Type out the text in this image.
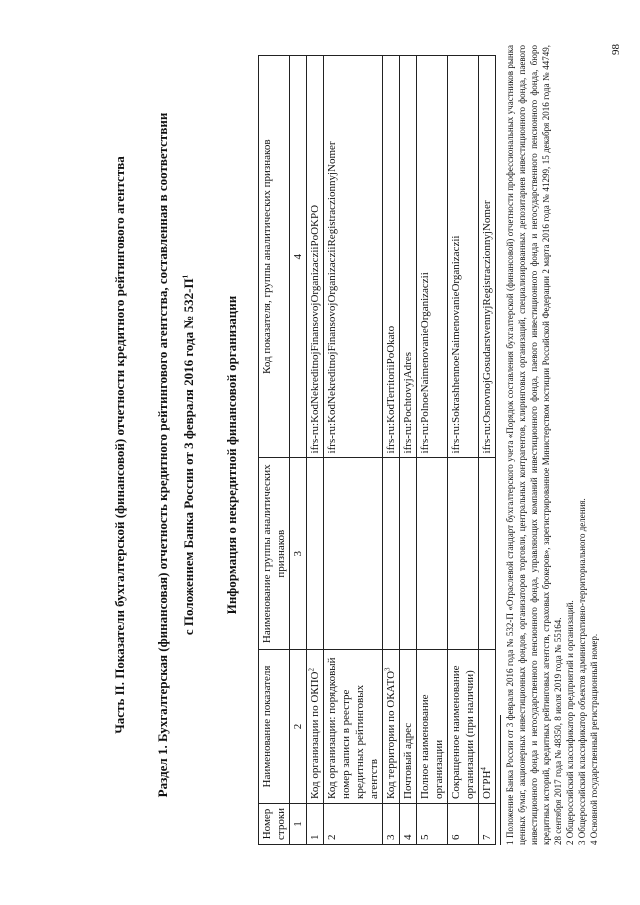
Часть II. Показатели бухгалтерской (финансовой) отчетности кредитного рейтингового агентства	Раздел 1. Бухгалтерская (финансовая) отчетность кредитного рейтингового агентства, составленная в соответствии с Положением Банка России от 3 февраля 2016 года № $532-П^1$
Информация о некредитной финансовой организации
Номер строки	Наименование показателя	Наименование группы аналитических признаков	Код показателя, группы аналитических признаков
1	2	3	4
1	Код организации по ОКПО$^2$		ifrs-ru:KodNekreditnojFinansovojOrganizacziiPoOKPO
2	Код организации: порядковый номер записи в реестре кредитных рейтинговых агентств		ifrs-ru:KodNekreditnojFinansovojOrganizacziiRegistraczionnyjNomer
3	Код территории по ОКАТО$^3$		ifrs-ru:KodTerritoriiPoOkato
4	Почтовый адрес		ifrs-ru:PochtovyjAdres
5	Полное наименование организации		ifrs-ru:PolnoeNaimenovanieOrganizaczii
6	Сокращенное наименование организации (при наличии)		ifrs-ru:SokrashhennoeNaimenovanieOrganizaczii
7	ОГРН$^4$		ifrs-ru:OsnovnojGosudarstvennyjRegistraczionnyjNomer 1 Положение Банка России от 3 февраля 2016 года № 532-П «Отраслевой стандарт бухгалтерского учета «Порядок составления бухгалтерской (финансовой) отчетности профессиональных участников рынка ценных бумаг, акционерных инвестиционных фондов, организаторов торговли, центральных контрагентов, клиринговых организаций, специализированных депозитариев инвестиционного фонда, паевого инвестиционного фонда и негосударственного пенсионного фонда, управляющих компаний инвестиционного фонда, паевого инвестиционного фонда и негосударственного пенсионного фонда, бюро кредитных историй, кредитных рейтинговых агентств, страховых брокеров», зарегистрированное Министерством юстиции Российской Федерации 2 марта 2016 года № 41299, 15 декабря 2016 года № 44749, 28 сентября 2017 года № 48350, 8 июля 2019 года № 55164. 2 Общероссийский классификатор предприятий и организаций. 3 Общероссийский классификатор объектов административно-территориального деления. 4 Основной государственный регистрационный номер.

98
